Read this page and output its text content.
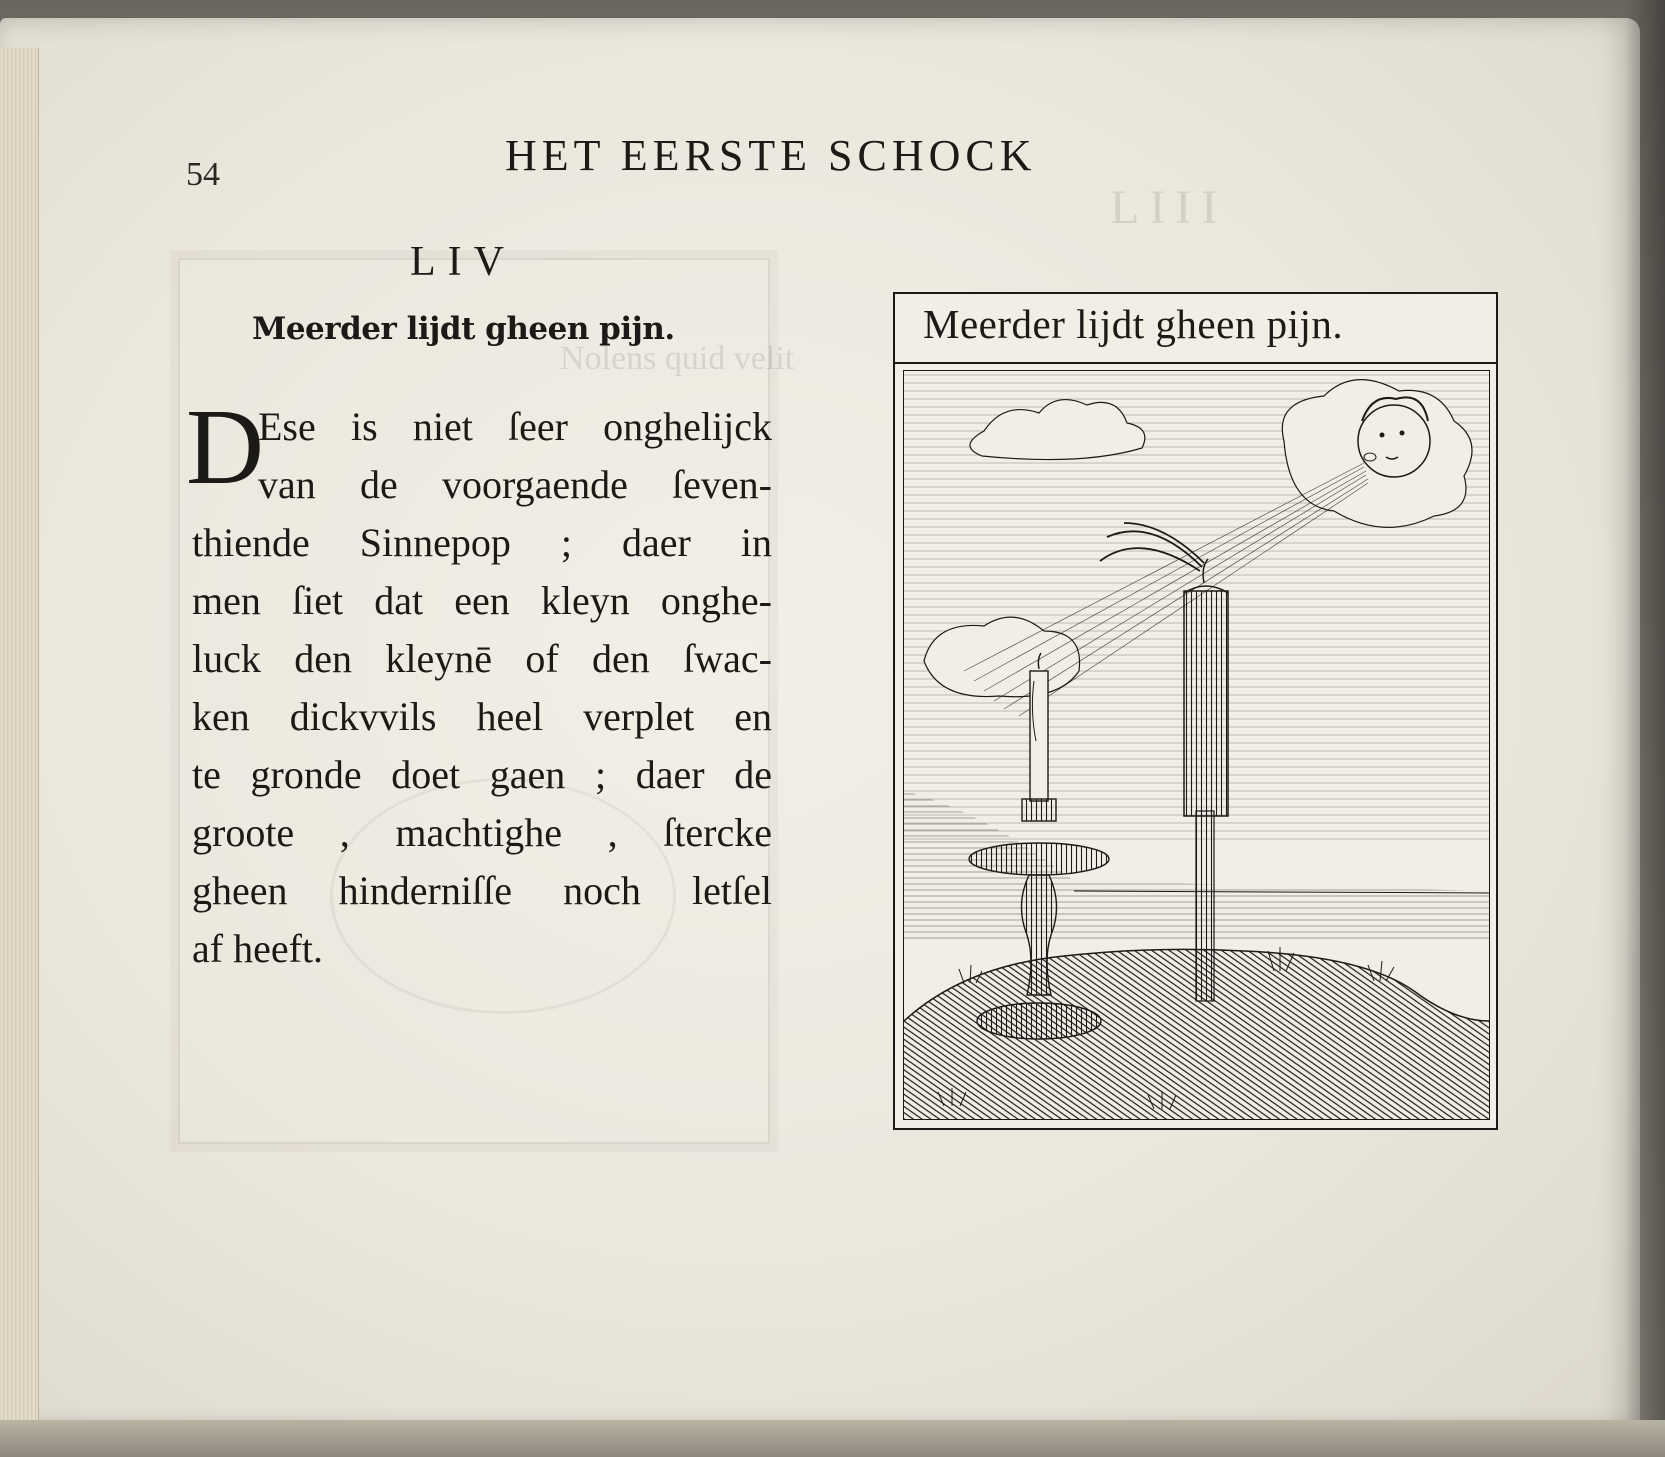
LIII
Nolens quid velit
54	HET EERSTE SCHOCK
LIV
Meerder lijdt gheen pijn.
D
Ese is niet ſeer onghelijck
van de voorgaende ſeven-
thiende Sinnepop ; daer in
men ſiet dat een kleyn onghe-
luck den kleynē of den ſwac-
ken dickvvils heel verplet en
te gronde doet gaen ; daer de
groote , machtighe , ſtercke
gheen hinderniſſe noch letſel
af heeft.
Meerder lijdt gheen pijn.
